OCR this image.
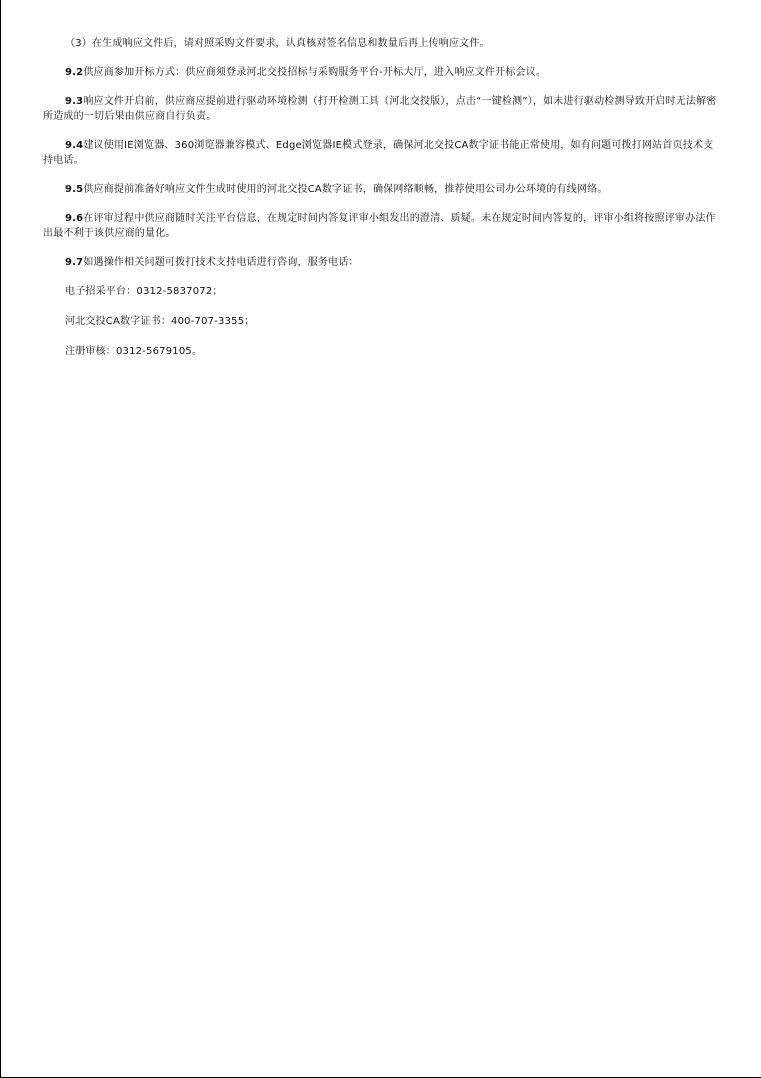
（3）在生成响应文件后，请对照采购文件要求，认真核对签名信息和数量后再上传响应文件。

9.2供应商参加开标方式：供应商须登录河北交投招标与采购服务平台-开标大厅，进入响应文件开标会议。

9.3响应文件开启前，供应商应提前进行驱动环境检测（打开检测工具（河北交投版），点击“一键检测”），如未进行驱动检测导致开启时无法解密所造成的一切后果由供应商自行负责。

9.4建议使用IE浏览器、360浏览器兼容模式、Edge浏览器IE模式登录，确保河北交投CA数字证书能正常使用，如有问题可拨打网站首页技术支持电话。

9.5供应商提前准备好响应文件生成时使用的河北交投CA数字证书，确保网络顺畅，推荐使用公司办公环境的有线网络。

9.6在评审过程中供应商随时关注平台信息，在规定时间内答复评审小组发出的澄清、质疑。未在规定时间内答复的，评审小组将按照评审办法作出最不利于该供应商的量化。

9.7如遇操作相关问题可拨打技术支持电话进行咨询，服务电话：

电子招采平台：0312-5837072；

河北交投CA数字证书：400-707-3355；

注册审核：0312-5679105。
